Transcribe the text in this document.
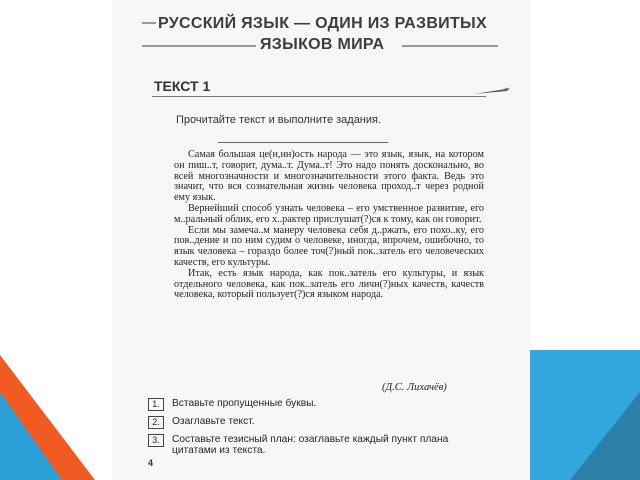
РУССКИЙ ЯЗЫК — ОДИН ИЗ РАЗВИТЫХ
ЯЗЫКОВ МИРА
ТЕКСТ 1
Прочитайте текст и выполните задания.

Самая большая це(н,нн)ость народа — это язык, язык, на котором он пиш..т, говорит, дума..т. Дума..т! Это надо понять досконально, во всей многозначности и многозначительности этого факта. Ведь это значит, что вся сознательная жизнь человека проход..т через родной ему язык.

Вернейший способ узнать человека – его умственное развитие, его м..ральный облик, его х..рактер прислушат(?)ся к тому, как он говорит.

Если мы замеча..м манеру человека себя д..ржать, его похо..ку, его пов..дение и по ним судим о человеке, иногда, впрочем, ошибочно, то язык человека – гораздо более точ(?)ный пок..затель его человеческих качеств, его культуры.

Итак, есть язык народа, как пок..затель его культуры, и язык отдельного человека, как пок..затель его личн(?)ных качеств, качеств человека, который пользует(?)ся языком народа.

(Д.С. Лихачёв)
1.	Вставьте пропущенные буквы.
2.	Озаглавьте текст.
3.	Составьте тезисный план: озаглавьте каждый пункт плана цитатами из текста.
4
